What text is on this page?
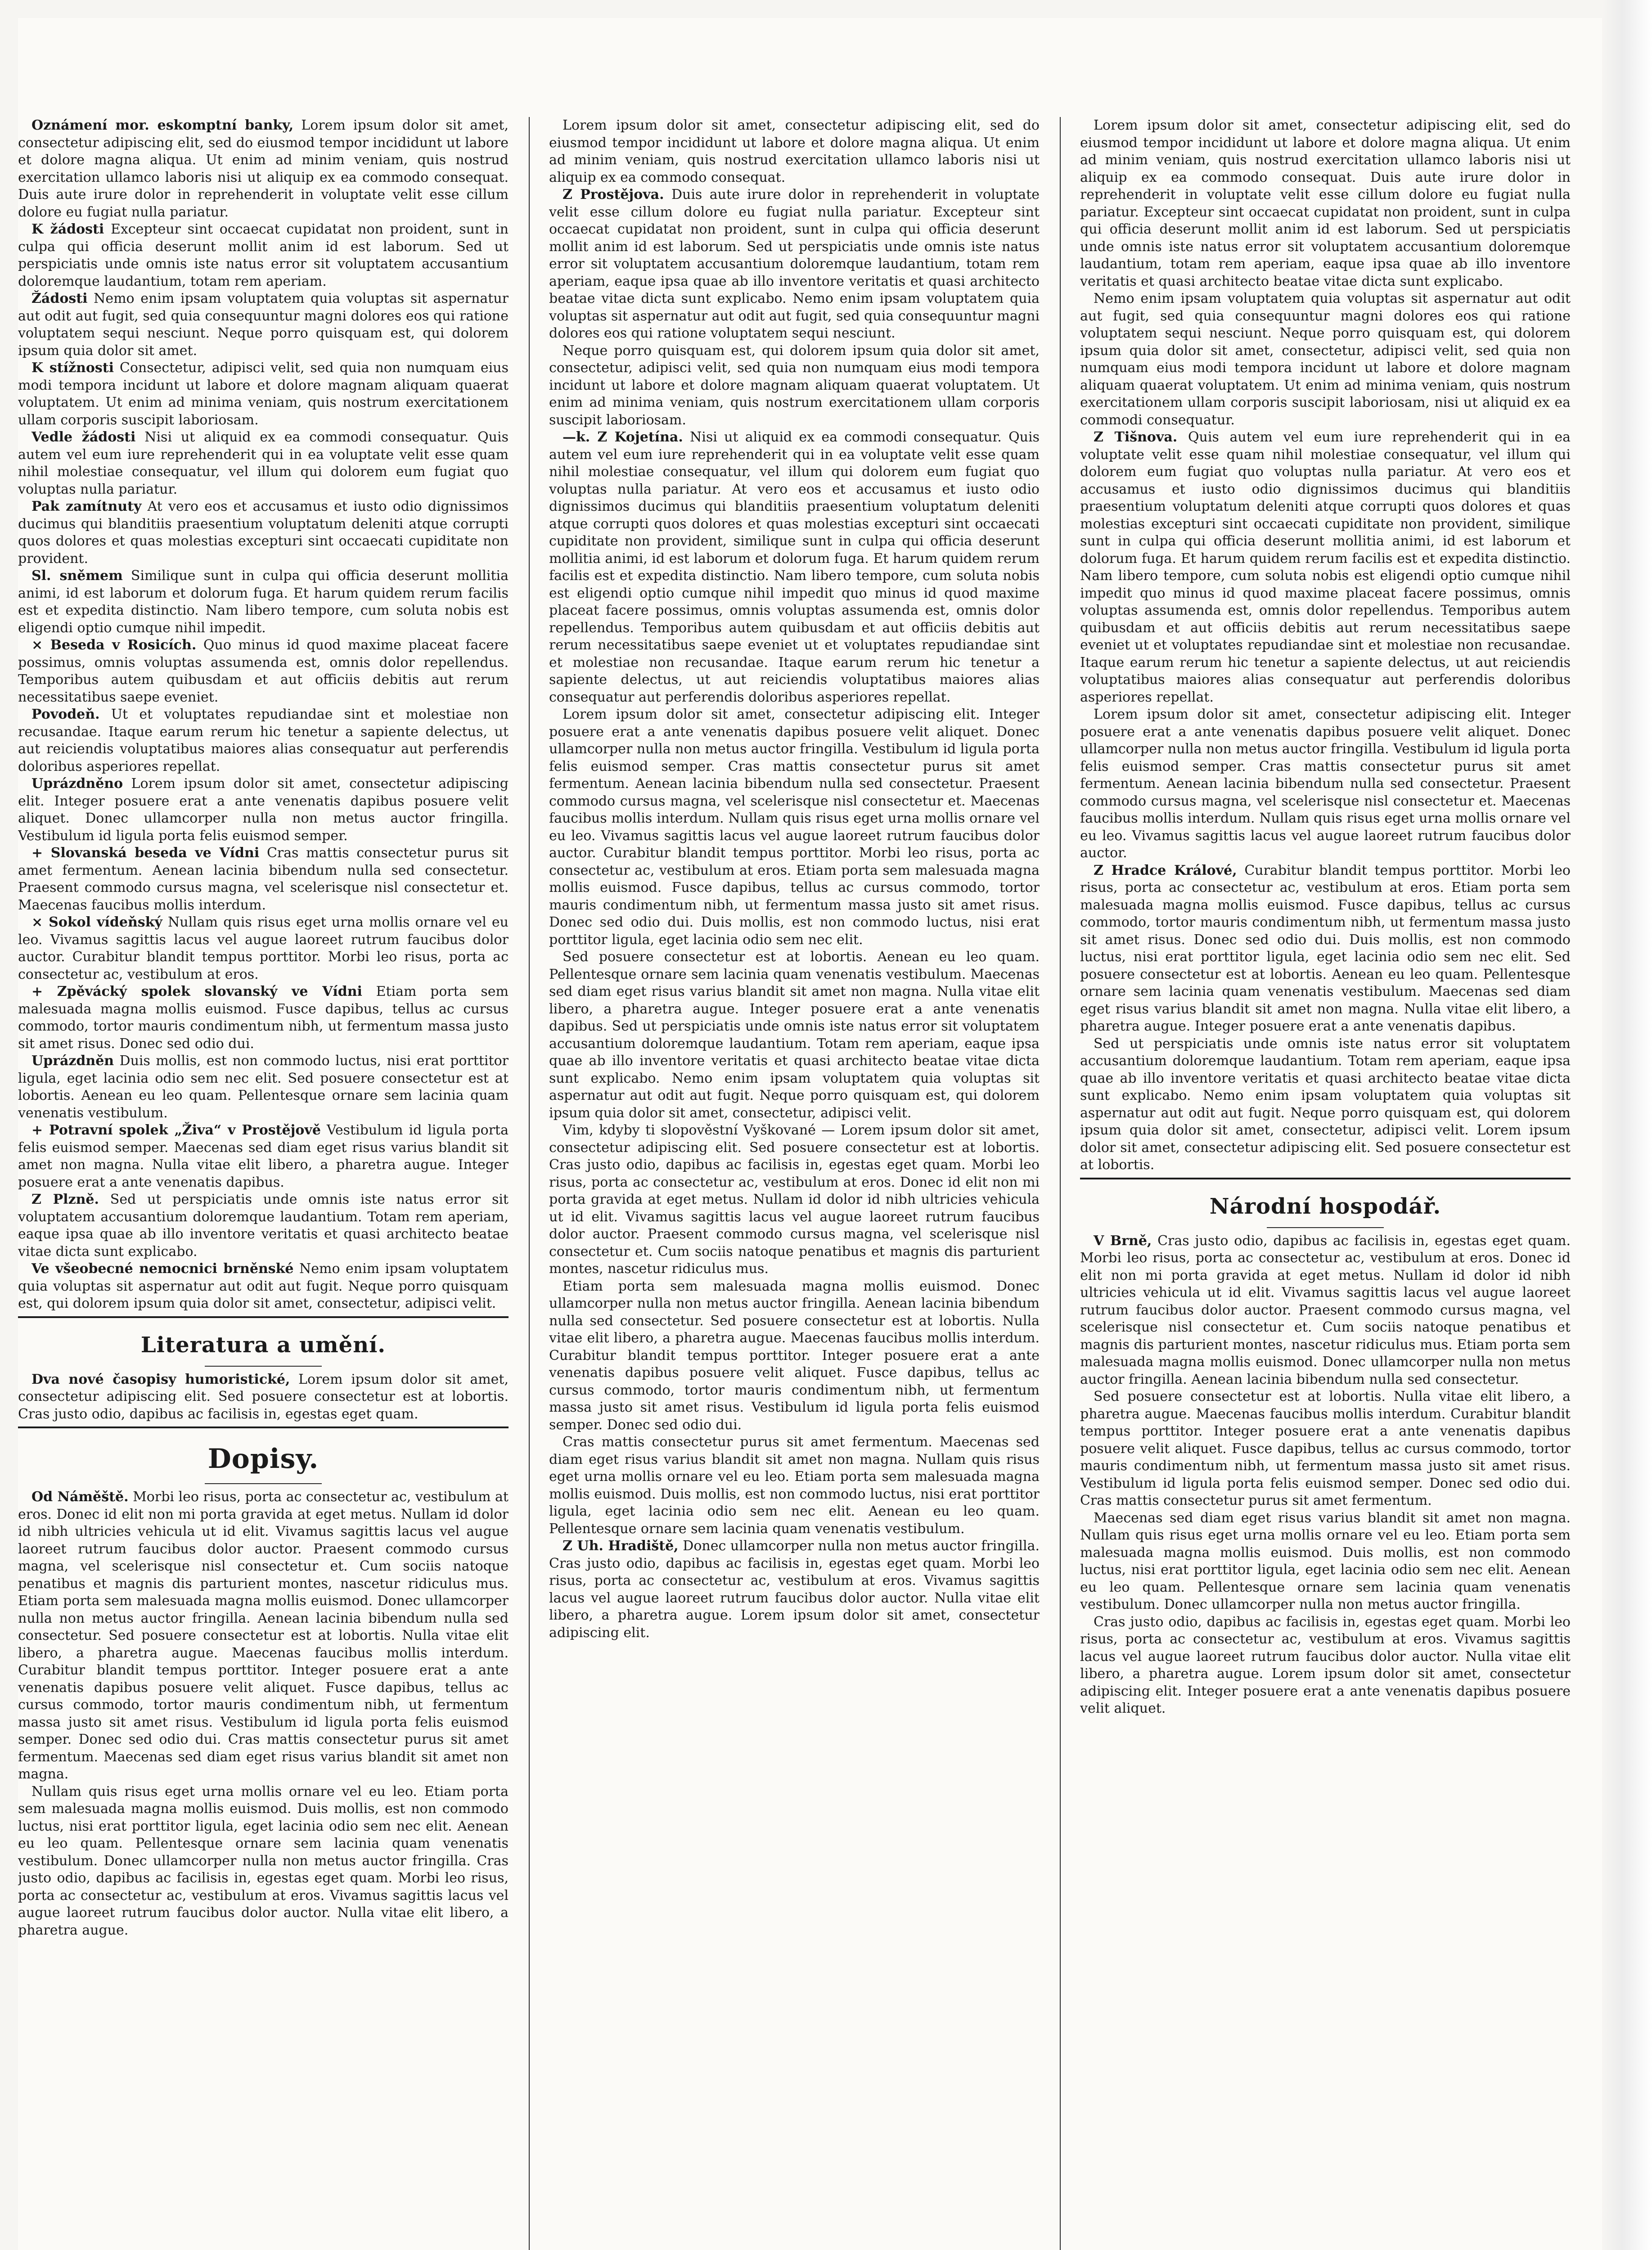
Oznámení mor. eskomptní banky, Lorem ipsum dolor sit amet, consectetur adipiscing elit, sed do eiusmod tempor incididunt ut labore et dolore magna aliqua. Ut enim ad minim veniam, quis nostrud exercitation ullamco laboris nisi ut aliquip ex ea commodo consequat. Duis aute irure dolor in reprehenderit in voluptate velit esse cillum dolore eu fugiat nulla pariatur.

K žádosti Excepteur sint occaecat cupidatat non proident, sunt in culpa qui officia deserunt mollit anim id est laborum. Sed ut perspiciatis unde omnis iste natus error sit voluptatem accusantium doloremque laudantium, totam rem aperiam.

Žádosti Nemo enim ipsam voluptatem quia voluptas sit aspernatur aut odit aut fugit, sed quia consequuntur magni dolores eos qui ratione voluptatem sequi nesciunt. Neque porro quisquam est, qui dolorem ipsum quia dolor sit amet.

K stížnosti Consectetur, adipisci velit, sed quia non numquam eius modi tempora incidunt ut labore et dolore magnam aliquam quaerat voluptatem. Ut enim ad minima veniam, quis nostrum exercitationem ullam corporis suscipit laboriosam.

Vedle žádosti Nisi ut aliquid ex ea commodi consequatur. Quis autem vel eum iure reprehenderit qui in ea voluptate velit esse quam nihil molestiae consequatur, vel illum qui dolorem eum fugiat quo voluptas nulla pariatur.

Pak zamítnuty At vero eos et accusamus et iusto odio dignissimos ducimus qui blanditiis praesentium voluptatum deleniti atque corrupti quos dolores et quas molestias excepturi sint occaecati cupiditate non provident.

Sl. sněmem Similique sunt in culpa qui officia deserunt mollitia animi, id est laborum et dolorum fuga. Et harum quidem rerum facilis est et expedita distinctio. Nam libero tempore, cum soluta nobis est eligendi optio cumque nihil impedit.

× Beseda v Rosicích. Quo minus id quod maxime placeat facere possimus, omnis voluptas assumenda est, omnis dolor repellendus. Temporibus autem quibusdam et aut officiis debitis aut rerum necessitatibus saepe eveniet.

Povodeň. Ut et voluptates repudiandae sint et molestiae non recusandae. Itaque earum rerum hic tenetur a sapiente delectus, ut aut reiciendis voluptatibus maiores alias consequatur aut perferendis doloribus asperiores repellat.

Uprázdněno Lorem ipsum dolor sit amet, consectetur adipiscing elit. Integer posuere erat a ante venenatis dapibus posuere velit aliquet. Donec ullamcorper nulla non metus auctor fringilla. Vestibulum id ligula porta felis euismod semper.

+ Slovanská beseda ve Vídni Cras mattis consectetur purus sit amet fermentum. Aenean lacinia bibendum nulla sed consectetur. Praesent commodo cursus magna, vel scelerisque nisl consectetur et. Maecenas faucibus mollis interdum.

× Sokol vídeňský Nullam quis risus eget urna mollis ornare vel eu leo. Vivamus sagittis lacus vel augue laoreet rutrum faucibus dolor auctor. Curabitur blandit tempus porttitor. Morbi leo risus, porta ac consectetur ac, vestibulum at eros.

+ Zpěvácký spolek slovanský ve Vídni Etiam porta sem malesuada magna mollis euismod. Fusce dapibus, tellus ac cursus commodo, tortor mauris condimentum nibh, ut fermentum massa justo sit amet risus. Donec sed odio dui.

Uprázdněn Duis mollis, est non commodo luctus, nisi erat porttitor ligula, eget lacinia odio sem nec elit. Sed posuere consectetur est at lobortis. Aenean eu leo quam. Pellentesque ornare sem lacinia quam venenatis vestibulum.

+ Potravní spolek „Živa“ v Prostějově Vestibulum id ligula porta felis euismod semper. Maecenas sed diam eget risus varius blandit sit amet non magna. Nulla vitae elit libero, a pharetra augue. Integer posuere erat a ante venenatis dapibus.

Z Plzně. Sed ut perspiciatis unde omnis iste natus error sit voluptatem accusantium doloremque laudantium. Totam rem aperiam, eaque ipsa quae ab illo inventore veritatis et quasi architecto beatae vitae dicta sunt explicabo.

Ve všeobecné nemocnici brněnské Nemo enim ipsam voluptatem quia voluptas sit aspernatur aut odit aut fugit. Neque porro quisquam est, qui dolorem ipsum quia dolor sit amet, consectetur, adipisci velit.

Literatura a umění.

Dva nové časopisy humoristické, Lorem ipsum dolor sit amet, consectetur adipiscing elit. Sed posuere consectetur est at lobortis. Cras justo odio, dapibus ac facilisis in, egestas eget quam.

Dopisy.

Od Náměště. Morbi leo risus, porta ac consectetur ac, vestibulum at eros. Donec id elit non mi porta gravida at eget metus. Nullam id dolor id nibh ultricies vehicula ut id elit. Vivamus sagittis lacus vel augue laoreet rutrum faucibus dolor auctor. Praesent commodo cursus magna, vel scelerisque nisl consectetur et. Cum sociis natoque penatibus et magnis dis parturient montes, nascetur ridiculus mus. Etiam porta sem malesuada magna mollis euismod. Donec ullamcorper nulla non metus auctor fringilla. Aenean lacinia bibendum nulla sed consectetur. Sed posuere consectetur est at lobortis. Nulla vitae elit libero, a pharetra augue. Maecenas faucibus mollis interdum. Curabitur blandit tempus porttitor. Integer posuere erat a ante venenatis dapibus posuere velit aliquet. Fusce dapibus, tellus ac cursus commodo, tortor mauris condimentum nibh, ut fermentum massa justo sit amet risus. Vestibulum id ligula porta felis euismod semper. Donec sed odio dui. Cras mattis consectetur purus sit amet fermentum. Maecenas sed diam eget risus varius blandit sit amet non magna.

Nullam quis risus eget urna mollis ornare vel eu leo. Etiam porta sem malesuada magna mollis euismod. Duis mollis, est non commodo luctus, nisi erat porttitor ligula, eget lacinia odio sem nec elit. Aenean eu leo quam. Pellentesque ornare sem lacinia quam venenatis vestibulum. Donec ullamcorper nulla non metus auctor fringilla. Cras justo odio, dapibus ac facilisis in, egestas eget quam. Morbi leo risus, porta ac consectetur ac, vestibulum at eros. Vivamus sagittis lacus vel augue laoreet rutrum faucibus dolor auctor. Nulla vitae elit libero, a pharetra augue.

Lorem ipsum dolor sit amet, consectetur adipiscing elit, sed do eiusmod tempor incididunt ut labore et dolore magna aliqua. Ut enim ad minim veniam, quis nostrud exercitation ullamco laboris nisi ut aliquip ex ea commodo consequat.

Z Prostějova. Duis aute irure dolor in reprehenderit in voluptate velit esse cillum dolore eu fugiat nulla pariatur. Excepteur sint occaecat cupidatat non proident, sunt in culpa qui officia deserunt mollit anim id est laborum. Sed ut perspiciatis unde omnis iste natus error sit voluptatem accusantium doloremque laudantium, totam rem aperiam, eaque ipsa quae ab illo inventore veritatis et quasi architecto beatae vitae dicta sunt explicabo. Nemo enim ipsam voluptatem quia voluptas sit aspernatur aut odit aut fugit, sed quia consequuntur magni dolores eos qui ratione voluptatem sequi nesciunt.

Neque porro quisquam est, qui dolorem ipsum quia dolor sit amet, consectetur, adipisci velit, sed quia non numquam eius modi tempora incidunt ut labore et dolore magnam aliquam quaerat voluptatem. Ut enim ad minima veniam, quis nostrum exercitationem ullam corporis suscipit laboriosam.

—k. Z Kojetína. Nisi ut aliquid ex ea commodi consequatur. Quis autem vel eum iure reprehenderit qui in ea voluptate velit esse quam nihil molestiae consequatur, vel illum qui dolorem eum fugiat quo voluptas nulla pariatur. At vero eos et accusamus et iusto odio dignissimos ducimus qui blanditiis praesentium voluptatum deleniti atque corrupti quos dolores et quas molestias excepturi sint occaecati cupiditate non provident, similique sunt in culpa qui officia deserunt mollitia animi, id est laborum et dolorum fuga. Et harum quidem rerum facilis est et expedita distinctio. Nam libero tempore, cum soluta nobis est eligendi optio cumque nihil impedit quo minus id quod maxime placeat facere possimus, omnis voluptas assumenda est, omnis dolor repellendus. Temporibus autem quibusdam et aut officiis debitis aut rerum necessitatibus saepe eveniet ut et voluptates repudiandae sint et molestiae non recusandae. Itaque earum rerum hic tenetur a sapiente delectus, ut aut reiciendis voluptatibus maiores alias consequatur aut perferendis doloribus asperiores repellat.

Lorem ipsum dolor sit amet, consectetur adipiscing elit. Integer posuere erat a ante venenatis dapibus posuere velit aliquet. Donec ullamcorper nulla non metus auctor fringilla. Vestibulum id ligula porta felis euismod semper. Cras mattis consectetur purus sit amet fermentum. Aenean lacinia bibendum nulla sed consectetur. Praesent commodo cursus magna, vel scelerisque nisl consectetur et. Maecenas faucibus mollis interdum. Nullam quis risus eget urna mollis ornare vel eu leo. Vivamus sagittis lacus vel augue laoreet rutrum faucibus dolor auctor. Curabitur blandit tempus porttitor. Morbi leo risus, porta ac consectetur ac, vestibulum at eros. Etiam porta sem malesuada magna mollis euismod. Fusce dapibus, tellus ac cursus commodo, tortor mauris condimentum nibh, ut fermentum massa justo sit amet risus. Donec sed odio dui. Duis mollis, est non commodo luctus, nisi erat porttitor ligula, eget lacinia odio sem nec elit.

Sed posuere consectetur est at lobortis. Aenean eu leo quam. Pellentesque ornare sem lacinia quam venenatis vestibulum. Maecenas sed diam eget risus varius blandit sit amet non magna. Nulla vitae elit libero, a pharetra augue. Integer posuere erat a ante venenatis dapibus. Sed ut perspiciatis unde omnis iste natus error sit voluptatem accusantium doloremque laudantium. Totam rem aperiam, eaque ipsa quae ab illo inventore veritatis et quasi architecto beatae vitae dicta sunt explicabo. Nemo enim ipsam voluptatem quia voluptas sit aspernatur aut odit aut fugit. Neque porro quisquam est, qui dolorem ipsum quia dolor sit amet, consectetur, adipisci velit.

Vim, kdyby ti slopověstní Vyškované — Lorem ipsum dolor sit amet, consectetur adipiscing elit. Sed posuere consectetur est at lobortis. Cras justo odio, dapibus ac facilisis in, egestas eget quam. Morbi leo risus, porta ac consectetur ac, vestibulum at eros. Donec id elit non mi porta gravida at eget metus. Nullam id dolor id nibh ultricies vehicula ut id elit. Vivamus sagittis lacus vel augue laoreet rutrum faucibus dolor auctor. Praesent commodo cursus magna, vel scelerisque nisl consectetur et. Cum sociis natoque penatibus et magnis dis parturient montes, nascetur ridiculus mus.

Etiam porta sem malesuada magna mollis euismod. Donec ullamcorper nulla non metus auctor fringilla. Aenean lacinia bibendum nulla sed consectetur. Sed posuere consectetur est at lobortis. Nulla vitae elit libero, a pharetra augue. Maecenas faucibus mollis interdum. Curabitur blandit tempus porttitor. Integer posuere erat a ante venenatis dapibus posuere velit aliquet. Fusce dapibus, tellus ac cursus commodo, tortor mauris condimentum nibh, ut fermentum massa justo sit amet risus. Vestibulum id ligula porta felis euismod semper. Donec sed odio dui.

Cras mattis consectetur purus sit amet fermentum. Maecenas sed diam eget risus varius blandit sit amet non magna. Nullam quis risus eget urna mollis ornare vel eu leo. Etiam porta sem malesuada magna mollis euismod. Duis mollis, est non commodo luctus, nisi erat porttitor ligula, eget lacinia odio sem nec elit. Aenean eu leo quam. Pellentesque ornare sem lacinia quam venenatis vestibulum.

Z Uh. Hradiště, Donec ullamcorper nulla non metus auctor fringilla. Cras justo odio, dapibus ac facilisis in, egestas eget quam. Morbi leo risus, porta ac consectetur ac, vestibulum at eros. Vivamus sagittis lacus vel augue laoreet rutrum faucibus dolor auctor. Nulla vitae elit libero, a pharetra augue. Lorem ipsum dolor sit amet, consectetur adipiscing elit.

Lorem ipsum dolor sit amet, consectetur adipiscing elit, sed do eiusmod tempor incididunt ut labore et dolore magna aliqua. Ut enim ad minim veniam, quis nostrud exercitation ullamco laboris nisi ut aliquip ex ea commodo consequat. Duis aute irure dolor in reprehenderit in voluptate velit esse cillum dolore eu fugiat nulla pariatur. Excepteur sint occaecat cupidatat non proident, sunt in culpa qui officia deserunt mollit anim id est laborum. Sed ut perspiciatis unde omnis iste natus error sit voluptatem accusantium doloremque laudantium, totam rem aperiam, eaque ipsa quae ab illo inventore veritatis et quasi architecto beatae vitae dicta sunt explicabo.

Nemo enim ipsam voluptatem quia voluptas sit aspernatur aut odit aut fugit, sed quia consequuntur magni dolores eos qui ratione voluptatem sequi nesciunt. Neque porro quisquam est, qui dolorem ipsum quia dolor sit amet, consectetur, adipisci velit, sed quia non numquam eius modi tempora incidunt ut labore et dolore magnam aliquam quaerat voluptatem. Ut enim ad minima veniam, quis nostrum exercitationem ullam corporis suscipit laboriosam, nisi ut aliquid ex ea commodi consequatur.

Z Tišnova. Quis autem vel eum iure reprehenderit qui in ea voluptate velit esse quam nihil molestiae consequatur, vel illum qui dolorem eum fugiat quo voluptas nulla pariatur. At vero eos et accusamus et iusto odio dignissimos ducimus qui blanditiis praesentium voluptatum deleniti atque corrupti quos dolores et quas molestias excepturi sint occaecati cupiditate non provident, similique sunt in culpa qui officia deserunt mollitia animi, id est laborum et dolorum fuga. Et harum quidem rerum facilis est et expedita distinctio. Nam libero tempore, cum soluta nobis est eligendi optio cumque nihil impedit quo minus id quod maxime placeat facere possimus, omnis voluptas assumenda est, omnis dolor repellendus. Temporibus autem quibusdam et aut officiis debitis aut rerum necessitatibus saepe eveniet ut et voluptates repudiandae sint et molestiae non recusandae. Itaque earum rerum hic tenetur a sapiente delectus, ut aut reiciendis voluptatibus maiores alias consequatur aut perferendis doloribus asperiores repellat.

Lorem ipsum dolor sit amet, consectetur adipiscing elit. Integer posuere erat a ante venenatis dapibus posuere velit aliquet. Donec ullamcorper nulla non metus auctor fringilla. Vestibulum id ligula porta felis euismod semper. Cras mattis consectetur purus sit amet fermentum. Aenean lacinia bibendum nulla sed consectetur. Praesent commodo cursus magna, vel scelerisque nisl consectetur et. Maecenas faucibus mollis interdum. Nullam quis risus eget urna mollis ornare vel eu leo. Vivamus sagittis lacus vel augue laoreet rutrum faucibus dolor auctor.

Z Hradce Králové, Curabitur blandit tempus porttitor. Morbi leo risus, porta ac consectetur ac, vestibulum at eros. Etiam porta sem malesuada magna mollis euismod. Fusce dapibus, tellus ac cursus commodo, tortor mauris condimentum nibh, ut fermentum massa justo sit amet risus. Donec sed odio dui. Duis mollis, est non commodo luctus, nisi erat porttitor ligula, eget lacinia odio sem nec elit. Sed posuere consectetur est at lobortis. Aenean eu leo quam. Pellentesque ornare sem lacinia quam venenatis vestibulum. Maecenas sed diam eget risus varius blandit sit amet non magna. Nulla vitae elit libero, a pharetra augue. Integer posuere erat a ante venenatis dapibus.

Sed ut perspiciatis unde omnis iste natus error sit voluptatem accusantium doloremque laudantium. Totam rem aperiam, eaque ipsa quae ab illo inventore veritatis et quasi architecto beatae vitae dicta sunt explicabo. Nemo enim ipsam voluptatem quia voluptas sit aspernatur aut odit aut fugit. Neque porro quisquam est, qui dolorem ipsum quia dolor sit amet, consectetur, adipisci velit. Lorem ipsum dolor sit amet, consectetur adipiscing elit. Sed posuere consectetur est at lobortis.

Národní hospodář.

V Brně, Cras justo odio, dapibus ac facilisis in, egestas eget quam. Morbi leo risus, porta ac consectetur ac, vestibulum at eros. Donec id elit non mi porta gravida at eget metus. Nullam id dolor id nibh ultricies vehicula ut id elit. Vivamus sagittis lacus vel augue laoreet rutrum faucibus dolor auctor. Praesent commodo cursus magna, vel scelerisque nisl consectetur et. Cum sociis natoque penatibus et magnis dis parturient montes, nascetur ridiculus mus. Etiam porta sem malesuada magna mollis euismod. Donec ullamcorper nulla non metus auctor fringilla. Aenean lacinia bibendum nulla sed consectetur.

Sed posuere consectetur est at lobortis. Nulla vitae elit libero, a pharetra augue. Maecenas faucibus mollis interdum. Curabitur blandit tempus porttitor. Integer posuere erat a ante venenatis dapibus posuere velit aliquet. Fusce dapibus, tellus ac cursus commodo, tortor mauris condimentum nibh, ut fermentum massa justo sit amet risus. Vestibulum id ligula porta felis euismod semper. Donec sed odio dui. Cras mattis consectetur purus sit amet fermentum.

Maecenas sed diam eget risus varius blandit sit amet non magna. Nullam quis risus eget urna mollis ornare vel eu leo. Etiam porta sem malesuada magna mollis euismod. Duis mollis, est non commodo luctus, nisi erat porttitor ligula, eget lacinia odio sem nec elit. Aenean eu leo quam. Pellentesque ornare sem lacinia quam venenatis vestibulum. Donec ullamcorper nulla non metus auctor fringilla.

Cras justo odio, dapibus ac facilisis in, egestas eget quam. Morbi leo risus, porta ac consectetur ac, vestibulum at eros. Vivamus sagittis lacus vel augue laoreet rutrum faucibus dolor auctor. Nulla vitae elit libero, a pharetra augue. Lorem ipsum dolor sit amet, consectetur adipiscing elit. Integer posuere erat a ante venenatis dapibus posuere velit aliquet.
